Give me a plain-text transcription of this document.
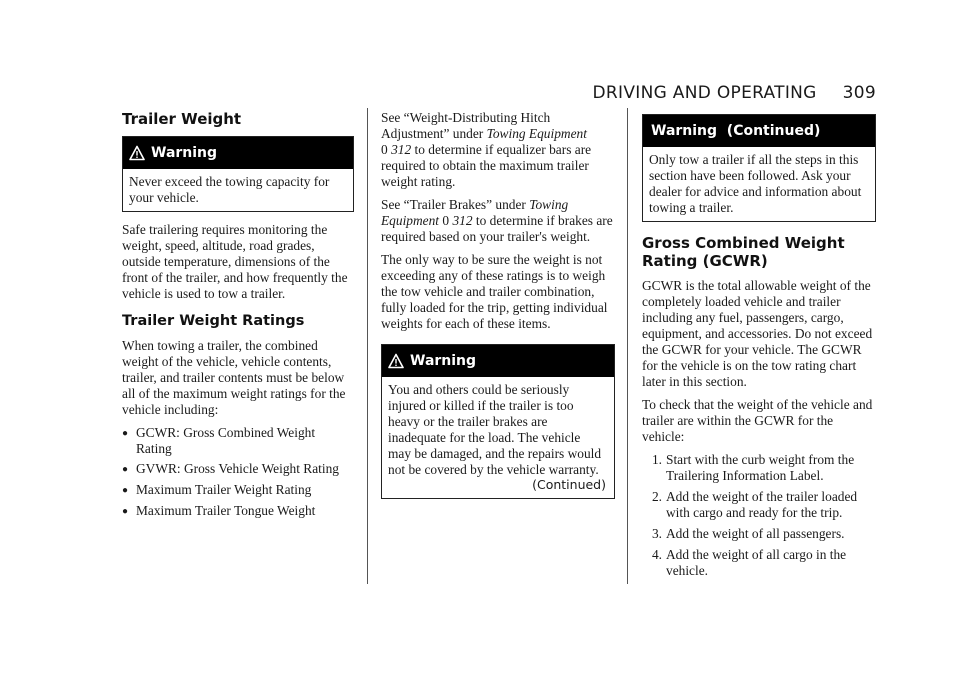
DRIVING AND OPERATING 309
Trailer Weight
Warning

Never exceed the towing capacity for your vehicle.

Safe trailering requires monitoring the weight, speed, altitude, road grades, outside temperature, dimensions of the front of the trailer, and how frequently the vehicle is used to tow a trailer.

Trailer Weight Ratings

When towing a trailer, the combined weight of the vehicle, vehicle contents, trailer, and trailer contents must be below all of the maximum weight ratings for the vehicle including:

● GCWR: Gross Combined Weight Rating
● GVWR: Gross Vehicle Weight Rating
● Maximum Trailer Weight Rating
● Maximum Trailer Tongue Weight

See “Weight-Distributing Hitch Adjustment” under Towing Equipment
0 312 to determine if equalizer bars are required to obtain the maximum trailer weight rating.

See “Trailer Brakes” under Towing Equipment 0 312 to determine if brakes are required based on your trailer's weight.

The only way to be sure the weight is not exceeding any of these ratings is to weigh the tow vehicle and trailer combination, fully loaded for the trip, getting individual weights for each of these items.

Warning

You and others could be seriously injured or killed if the trailer is too heavy or the trailer brakes are inadequate for the load. The vehicle may be damaged, and the repairs would not be covered by the vehicle warranty.

(Continued)
Warning  (Continued)

Only tow a trailer if all the steps in this section have been followed. Ask your dealer for advice and information about towing a trailer.

Gross Combined Weight Rating (GCWR)

GCWR is the total allowable weight of the completely loaded vehicle and trailer including any fuel, passengers, cargo, equipment, and accessories. Do not exceed the GCWR for your vehicle. The GCWR for the vehicle is on the tow rating chart later in this section.

To check that the weight of the vehicle and trailer are within the GCWR for the vehicle:

1. Start with the curb weight from the Trailering Information Label.
2. Add the weight of the trailer loaded with cargo and ready for the trip.
3. Add the weight of all passengers.
4. Add the weight of all cargo in the vehicle.
